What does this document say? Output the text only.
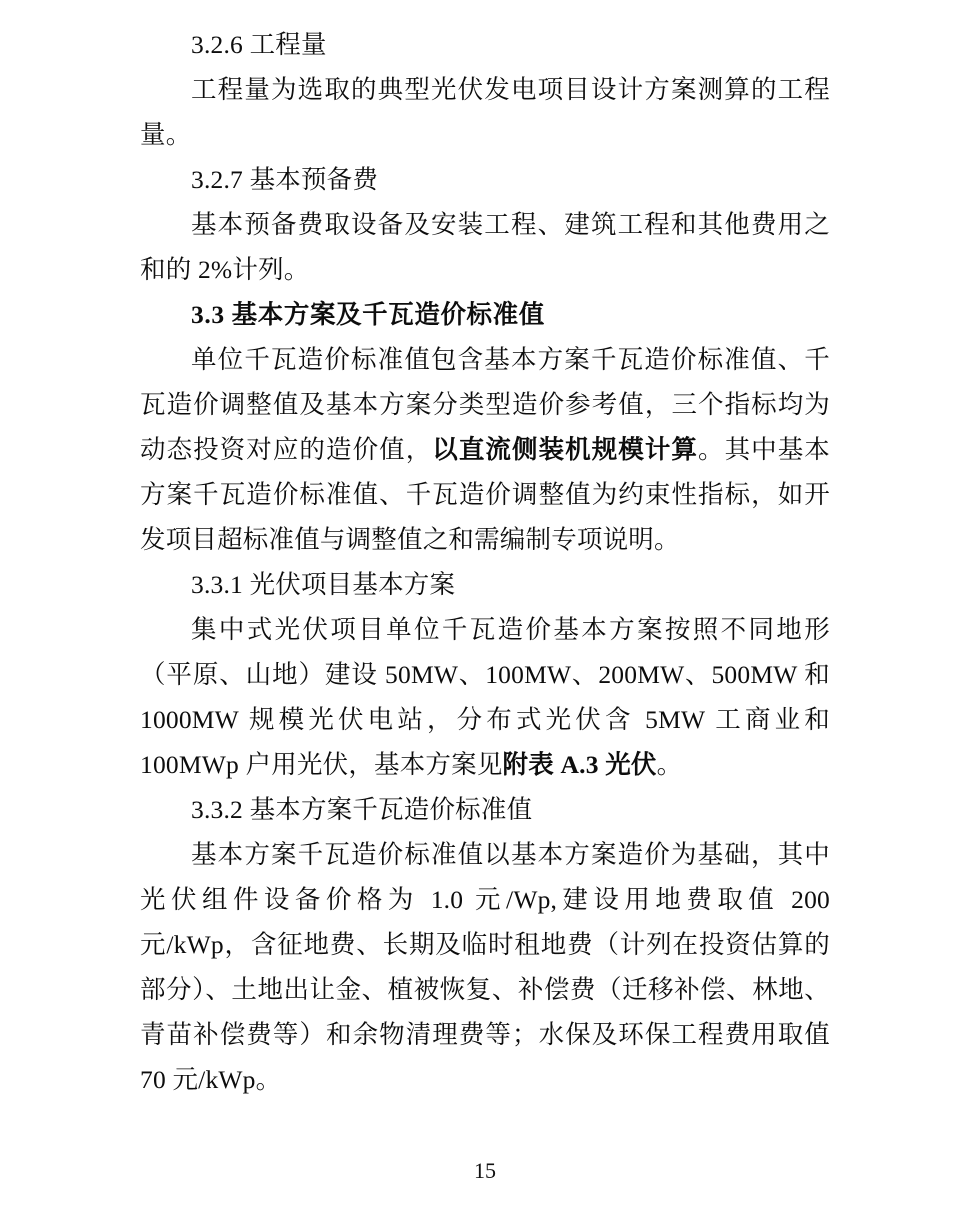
3.2.6 工程量

工程量为选取的典型光伏发电项目设计方案测算的工程量。

3.2.7 基本预备费

基本预备费取设备及安装工程、建筑工程和其他费用之和的 2%计列。

3.3 基本方案及千瓦造价标准值

单位千瓦造价标准值包含基本方案千瓦造价标准值、千瓦造价调整值及基本方案分类型造价参考值，三个指标均为动态投资对应的造价值，以直流侧装机规模计算。其中基本方案千瓦造价标准值、千瓦造价调整值为约束性指标，如开发项目超标准值与调整值之和需编制专项说明。

3.3.1 光伏项目基本方案

集中式光伏项目单位千瓦造价基本方案按照不同地形（平原、山地）建设 50MW、100MW、200MW、500MW 和 1000MW 规模光伏电站，分布式光伏含 5MW 工商业和 100MWp 户用光伏，基本方案见附表 A.3 光伏。

3.3.2 基本方案千瓦造价标准值

基本方案千瓦造价标准值以基本方案造价为基础，其中光伏组件设备价格为 1.0 元/Wp,建设用地费取值 200 元/kWp，含征地费、长期及临时租地费（计列在投资估算的部分）、土地出让金、植被恢复、补偿费（迁移补偿、林地、青苗补偿费等）和余物清理费等；水保及环保工程费用取值 70 元/kWp。

15
